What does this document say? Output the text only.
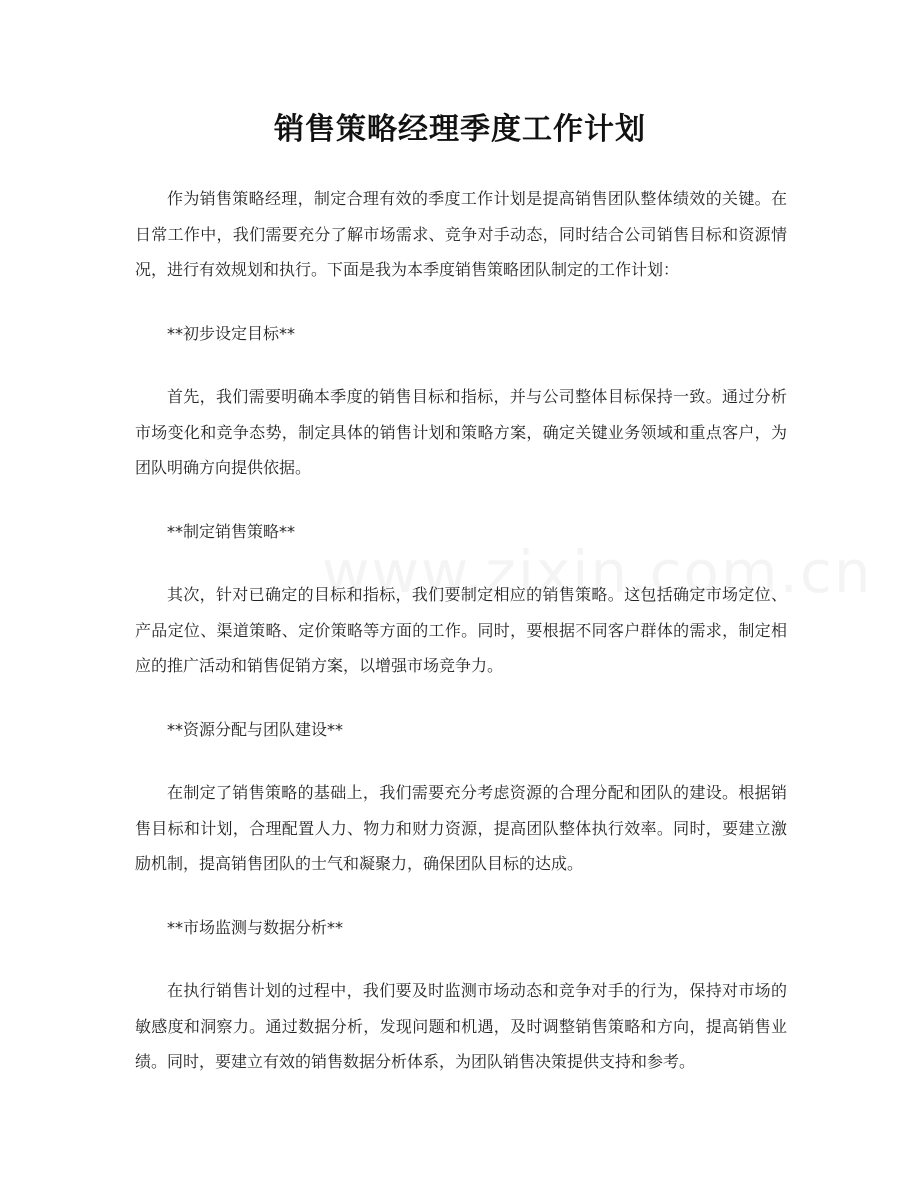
销售策略经理季度工作计划

作为销售策略经理，制定合理有效的季度工作计划是提高销售团队整体绩效的关键。在日常工作中，我们需要充分了解市场需求、竞争对手动态，同时结合公司销售目标和资源情况，进行有效规划和执行。下面是我为本季度销售策略团队制定的工作计划：

**初步设定目标**

首先，我们需要明确本季度的销售目标和指标，并与公司整体目标保持一致。通过分析市场变化和竞争态势，制定具体的销售计划和策略方案，确定关键业务领域和重点客户，为团队明确方向提供依据。

**制定销售策略**

其次，针对已确定的目标和指标，我们要制定相应的销售策略。这包括确定市场定位、产品定位、渠道策略、定价策略等方面的工作。同时，要根据不同客户群体的需求，制定相应的推广活动和销售促销方案，以增强市场竞争力。

**资源分配与团队建设**

在制定了销售策略的基础上，我们需要充分考虑资源的合理分配和团队的建设。根据销售目标和计划，合理配置人力、物力和财力资源，提高团队整体执行效率。同时，要建立激励机制，提高销售团队的士气和凝聚力，确保团队目标的达成。

**市场监测与数据分析**

在执行销售计划的过程中，我们要及时监测市场动态和竞争对手的行为，保持对市场的敏感度和洞察力。通过数据分析，发现问题和机遇，及时调整销售策略和方向，提高销售业绩。同时，要建立有效的销售数据分析体系，为团队销售决策提供支持和参考。
